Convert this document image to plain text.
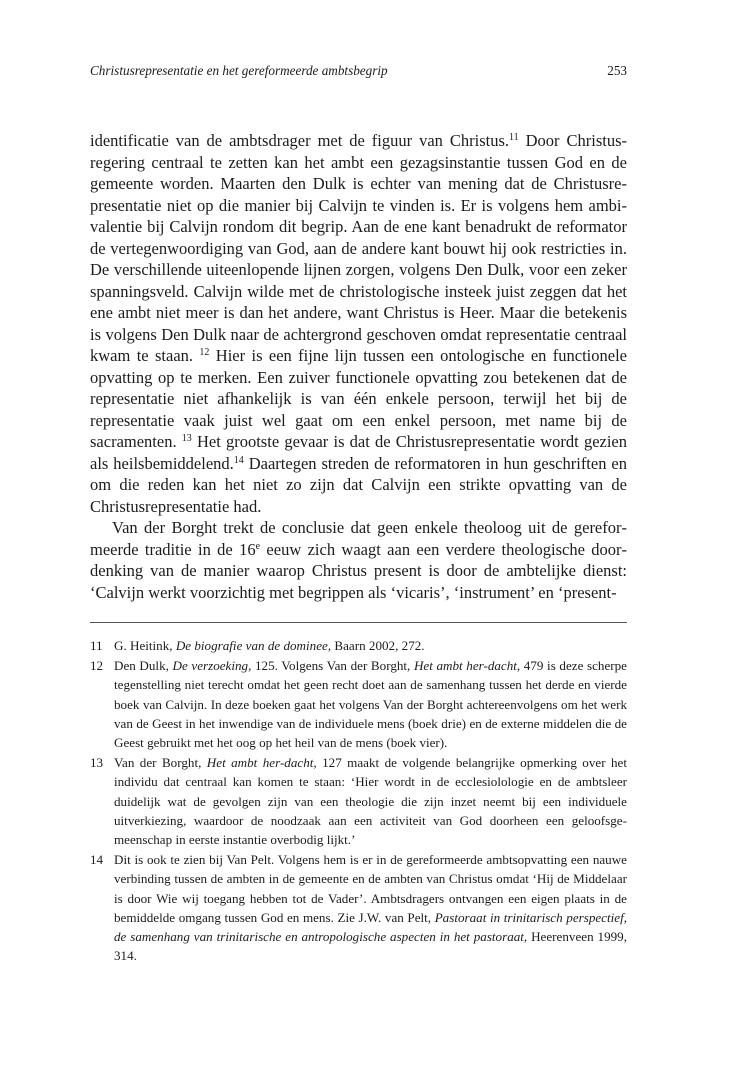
Christusrepresentatie en het gereformeerde ambtsbegrip	253

identificatie van de ambtsdrager met de figuur van Christus.$^{11}$ Door Christusregering centraal te zetten kan het ambt een gezagsinstantie tussen God en de gemeente worden. Maarten den Dulk is echter van mening dat de Christusrepresentatie niet op die manier bij Calvijn te vinden is. Er is volgens hem ambivalentie bij Calvijn rondom dit begrip. Aan de ene kant benadrukt de reformator de vertegenwoordiging van God, aan de andere kant bouwt hij ook restricties in. De verschillende uiteenlopende lijnen zorgen, volgens Den Dulk, voor een zeker spanningsveld. Calvijn wilde met de christologische insteek juist zeggen dat het ene ambt niet meer is dan het andere, want Christus is Heer. Maar die betekenis is volgens Den Dulk naar de achtergrond geschoven omdat representatie centraal kwam te staan. $^{12}$ Hier is een fijne lijn tussen een ontologische en functionele opvatting op te merken. Een zuiver functionele opvatting zou betekenen dat de representatie niet afhankelijk is van één enkele persoon, terwijl het bij de representatie vaak juist wel gaat om een enkel persoon, met name bij de sacramenten. $^{13}$ Het grootste gevaar is dat de Christusrepresentatie wordt gezien als heilsbemiddelend.$^{14}$ Daartegen streden de reformatoren in hun geschriften en om die reden kan het niet zo zijn dat Calvijn een strikte opvatting van de Christusrepresentatie had.

Van der Borght trekt de conclusie dat geen enkele theoloog uit de gereformeerde traditie in de 16e eeuw zich waagt aan een verdere theologische doordenking van de manier waarop Christus present is door de ambtelijke dienst: ‘Calvijn werkt voorzichtig met begrippen als ‘vicaris’, ‘instrument’ en ‘present-

11 G. Heitink, De biografie van de dominee, Baarn 2002, 272.
12 Den Dulk, De verzoeking, 125. Volgens Van der Borght, Het ambt her-dacht, 479 is deze scherpe tegenstelling niet terecht omdat het geen recht doet aan de samenhang tussen het derde en vierde boek van Calvijn. In deze boeken gaat het volgens Van der Borght achtereenvolgens om het werk van de Geest in het inwendige van de individuele mens (boek drie) en de externe middelen die de Geest gebruikt met het oog op het heil van de mens (boek vier).
13 Van der Borght, Het ambt her-dacht, 127 maakt de volgende belangrijke opmerking over het individu dat centraal kan komen te staan: ‘Hier wordt in de ecclesiolologie en de ambtsleer duidelijk wat de gevolgen zijn van een theologie die zijn inzet neemt bij een individuele uitverkiezing, waardoor de noodzaak aan een activiteit van God doorheen een geloofsgemeenschap in eerste instantie overbodig lijkt.’
14 Dit is ook te zien bij Van Pelt. Volgens hem is er in de gereformeerde ambtsopvatting een nauwe verbinding tussen de ambten in de gemeente en de ambten van Christus omdat ‘Hij de Middelaar is door Wie wij toegang hebben tot de Vader’. Ambtsdragers ontvangen een eigen plaats in de bemiddelde omgang tussen God en mens. Zie J.W. van Pelt, Pastoraat in trinitarisch perspectief, de samenhang van trinitarische en antropologische aspecten in het pastoraat, Heerenveen 1999, 314.
